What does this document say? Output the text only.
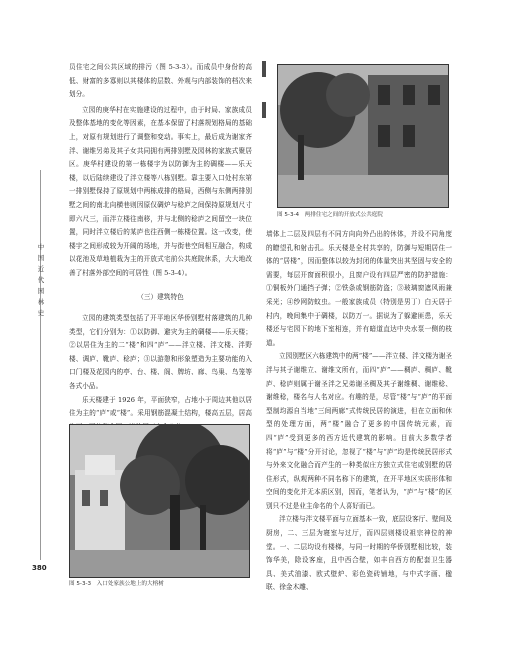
中国近代园林史
380

员住宅之间公共区域的排污（图 5-3-3）。而成员中身份的高低、财富的多寡则以其楼体的层数、外观与内部装饰的档次来划分。

立园的庚华村在实施建设的过程中，由于时局、家族成员及整体基地的变化等因素，在基本保留了村落规划格局的基础上，对原有规划进行了调整和变动。事实上，最后成为谢家齐泮、谢维另弟及其子女共同拥有两排别墅及园林的家族式聚居区。庚华村建设的第一栋楼宇为以防御为主的碉楼——乐天楼，以后陆续建设了泮立楼等八栋别墅。靠主要入口处村东第一排别墅保持了原规划中两栋成排的格局，西侧与东侧两排别墅之间的南北向横巷则因原仅碉炉与稔庐之间保持原规划尺寸即六尺三，而泮立楼往南移，并与北侧的稔庐之间留空一块位置，同时泮立楼后的某庐也往西侧一栋楼位置。这一改变，使楼宇之间形成较为开阔的场地，并与街巷空间相互融合，构成以花池及草地植栽为主的开放式宅前公共庭院休系，大大地改善了村落外部空间的可居性（图 5-3-4）。

（三）建筑特色

立园的建筑类型包括了开平地区华侨别墅村落建筑的几种类型，它们分别为：①以防御、避灾为主的碉楼——乐天楼；②以居住为主的二“楼”和四“庐”——泮立楼、泮文楼、泮野楼、调庐、靴庐、稔庐；③以游憩和形象塑造为主要功能的入口门楼及花园内的亭、台、楼、阁、牌坊、廊、鸟巢、鸟笼等各式小品。

乐天楼建于 1926 年，平面狭窄，占地小于周边其他以居住为主的“庐”或“楼”。采用钢筋混凝土结构，楼高五层，居高

图 5-3-4　两排住宅之间的开放式公共庭院

墙体上二层及四层有不同方向向外凸出的休体，并设不同角度的瞭望孔和射击孔。乐天楼是全村共享的，防御与短期居住一体的“居楼”，因而整体以较为封闭的体量突出其坚固与安全的需要，每层开窗面积很小，且窗户设有四层严密的防护措施：①铜板外门通挡子弹；②铁条或钢筋防盗；③玻璃窗遮风雨兼采光；④纱网防蚊虫。一般家族成员（特别是男丁）白天居于村内，晚间集中于碉楼，以防万一。据说为了躲避匪患，乐天楼还与宅园下的地下室相连，并有暗道直达中央水泵一侧的枝道。

立园别墅区六栋建筑中的两“楼”——泮立楼、泮文楼为谢圣泮与其子谢维立、谢维文所有，而四“庐”——稠庐、稠庐、靴庐、稔庐则属于谢圣泮之兄弟谢圣稠及其子谢维稠、谢维稔、谢维稔，楼名与人名对应。有趣的是，尽管“楼”与“庐”的平面型制均源自当地“三间两廊”式传统民居的演进，但在立面和休型的处理方面，两“楼”融合了更多的中国传统元素，而四“庐”受到更多的西方近代建筑的影响。目前大多数学者将“庐”与“楼”分开讨论，忽视了“楼”与“庐”均是传统民居形式与外来文化融合而产生的一种类似庄方独立式住宅或别墅的居住形式，纵观两种不同名称下的建筑，在开平地区实质形体和空间的变化并无本质区别，因而，笔者认为，“庐”与“楼”的区别只不过是业主命名的个人喜好而已。

泮立楼与泮文楼平面与立面基本一致，底层设客厅、壁间及厨房，二、三层为寝室与过厅，而四层则楼设祖宗神位的神堂。一、二层均设有楼梯，与同一时期的华侨别墅相比较，装饰华美，除设客座，且中西合壁，如丰自西方的配套卫生器具、美式油漆、欧式壁炉、彩色瓷砖铺地，与中式字画、楹联、徐金木雕、

图 5-3-3　入口处家族公地上的大榕树
